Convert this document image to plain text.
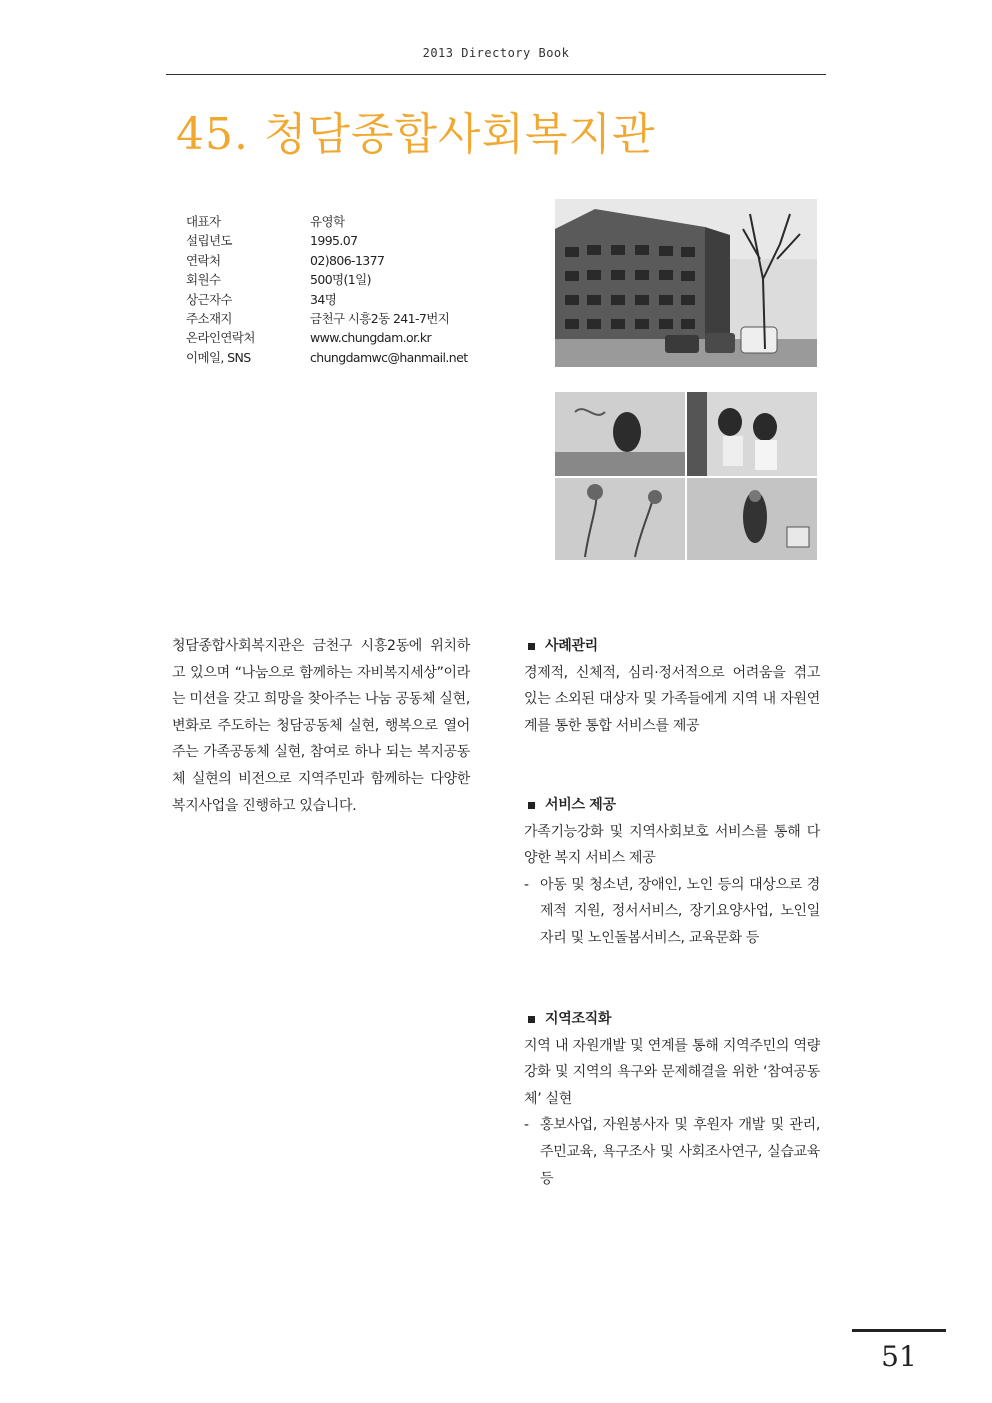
2013 Directory Book
45. 청담종합사회복지관
대표자	유영학
설립년도	1995.07
연락처	02)806-1377
회원수	500명(1일)
상근자수	34명
주소재지	금천구 시흥2동 241-7번지
온라인연락처	www.chungdam.or.kr
이메일, SNS	chungdamwc@hanmail.net
청담종합사회복지관은 금천구 시흥2동에 위치하고 있으며 “나눔으로 함께하는 자비복지세상”이라는 미션을 갖고 희망을 찾아주는 나눔 공동체 실현, 변화로 주도하는 청담공동체 실현, 행복으로 열어주는 가족공동체 실현, 참여로 하나 되는 복지공동체 실현의 비전으로 지역주민과 함께하는 다양한 복지사업을 진행하고 있습니다.
사례관리
경제적, 신체적, 심리·정서적으로 어려움을 겪고 있는 소외된 대상자 및 가족들에게 지역 내 자원연계를 통한 통합 서비스를 제공
서비스 제공
가족기능강화 및 지역사회보호 서비스를 통해 다양한 복지 서비스 제공
- 아동 및 청소년, 장애인, 노인 등의 대상으로 경제적 지원, 정서서비스, 장기요양사업, 노인일자리 및 노인돌봄서비스, 교육문화 등
지역조직화
지역 내 자원개발 및 연계를 통해 지역주민의 역량 강화 및 지역의 욕구와 문제해결을 위한 ‘참여공동체’ 실현
- 홍보사업, 자원봉사자 및 후원자 개발 및 관리, 주민교육, 욕구조사 및 사회조사연구, 실습교육 등
51
